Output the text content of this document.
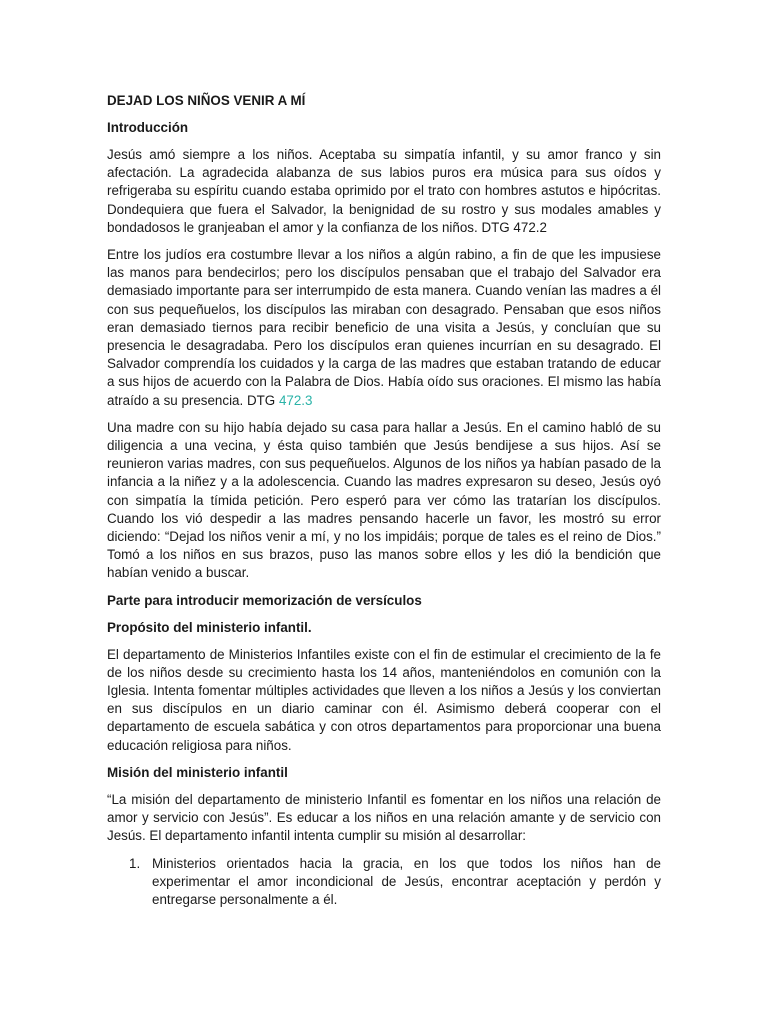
DEJAD LOS NIÑOS VENIR A MÍ
Introducción

Jesús amó siempre a los niños. Aceptaba su simpatía infantil, y su amor franco y sin afectación. La agradecida alabanza de sus labios puros era música para sus oídos y refrigeraba su espíritu cuando estaba oprimido por el trato con hombres astutos e hipócritas. Dondequiera que fuera el Salvador, la benignidad de su rostro y sus modales amables y bondadosos le granjeaban el amor y la confianza de los niños. DTG 472.2

Entre los judíos era costumbre llevar a los niños a algún rabino, a fin de que les impusiese las manos para bendecirlos; pero los discípulos pensaban que el trabajo del Salvador era demasiado importante para ser interrumpido de esta manera. Cuando venían las madres a él con sus pequeñuelos, los discípulos las miraban con desagrado. Pensaban que esos niños eran demasiado tiernos para recibir beneficio de una visita a Jesús, y concluían que su presencia le desagradaba. Pero los discípulos eran quienes incurrían en su desagrado. El Salvador comprendía los cuidados y la carga de las madres que estaban tratando de educar a sus hijos de acuerdo con la Palabra de Dios. Había oído sus oraciones. El mismo las había atraído a su presencia. DTG 472.3

Una madre con su hijo había dejado su casa para hallar a Jesús. En el camino habló de su diligencia a una vecina, y ésta quiso también que Jesús bendijese a sus hijos. Así se reunieron varias madres, con sus pequeñuelos. Algunos de los niños ya habían pasado de la infancia a la niñez y a la adolescencia. Cuando las madres expresaron su deseo, Jesús oyó con simpatía la tímida petición. Pero esperó para ver cómo las tratarían los discípulos. Cuando los vió despedir a las madres pensando hacerle un favor, les mostró su error diciendo: “Dejad los niños venir a mí, y no los impidáis; porque de tales es el reino de Dios.” Tomó a los niños en sus brazos, puso las manos sobre ellos y les dió la bendición que habían venido a buscar.

Parte para introducir memorización de versículos
Propósito del ministerio infantil.

El departamento de Ministerios Infantiles existe con el fin de estimular el crecimiento de la fe de los niños desde su crecimiento hasta los 14 años, manteniéndolos en comunión con la Iglesia. Intenta fomentar múltiples actividades que lleven a los niños a Jesús y los conviertan en sus discípulos en un diario caminar con él. Asimismo deberá cooperar con el departamento de escuela sabática y con otros departamentos para proporcionar una buena educación religiosa para niños.

Misión del ministerio infantil

“La misión del departamento de ministerio Infantil es fomentar en los niños una relación de amor y servicio con Jesús”. Es educar a los niños en una relación amante y de servicio con Jesús. El departamento infantil intenta cumplir su misión al desarrollar:

1. Ministerios orientados hacia la gracia, en los que todos los niños han de experimentar el amor incondicional de Jesús, encontrar aceptación y perdón y entregarse personalmente a él.
